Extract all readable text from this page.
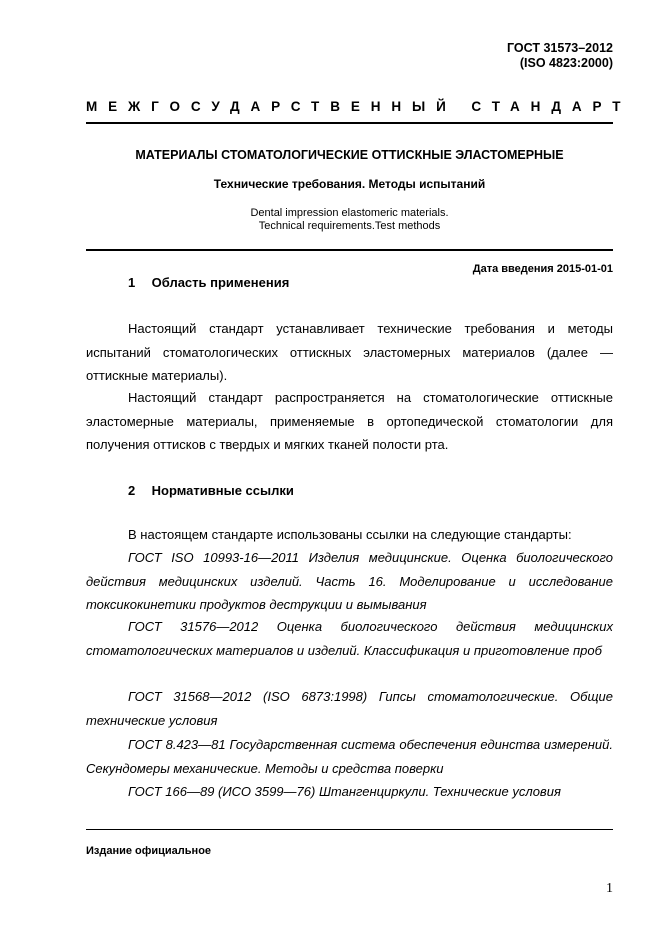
ГОСТ 31573–2012
(ISO 4823:2000)
МЕЖГОСУДАРСТВЕННЫЙ СТАНДАРТ
МАТЕРИАЛЫ СТОМАТОЛОГИЧЕСКИЕ ОТТИСКНЫЕ ЭЛАСТОМЕРНЫЕ
Технические требования. Методы испытаний
Dental impression elastomeric materials.
Technical requirements.Test methods
Дата введения 2015-01-01
1 Область применения
Настоящий стандарт устанавливает технические требования и методы испытаний стоматологических оттискных эластомерных материалов (далее — оттискные материалы).
Настоящий стандарт распространяется на стоматологические оттискные эластомерные материалы, применяемые в ортопедической стоматологии для получения оттисков с твердых и мягких тканей полости рта.
2 Нормативные ссылки
В настоящем стандарте использованы ссылки на следующие стандарты:
ГОСТ ISO 10993-16—2011 Изделия медицинские. Оценка биологического действия медицинских изделий. Часть 16. Моделирование и исследование токсикокинетики продуктов деструкции и вымывания
ГОСТ 31576—2012 Оценка биологического действия медицинских стоматологических материалов и изделий. Классификация и приготовление проб
ГОСТ 31568—2012 (ISO 6873:1998) Гипсы стоматологические. Общие технические условия
ГОСТ 8.423—81 Государственная система обеспечения единства измерений. Секундомеры механические. Методы и средства поверки
ГОСТ 166—89 (ИСО 3599—76) Штангенциркули. Технические условия
Издание официальное
1
